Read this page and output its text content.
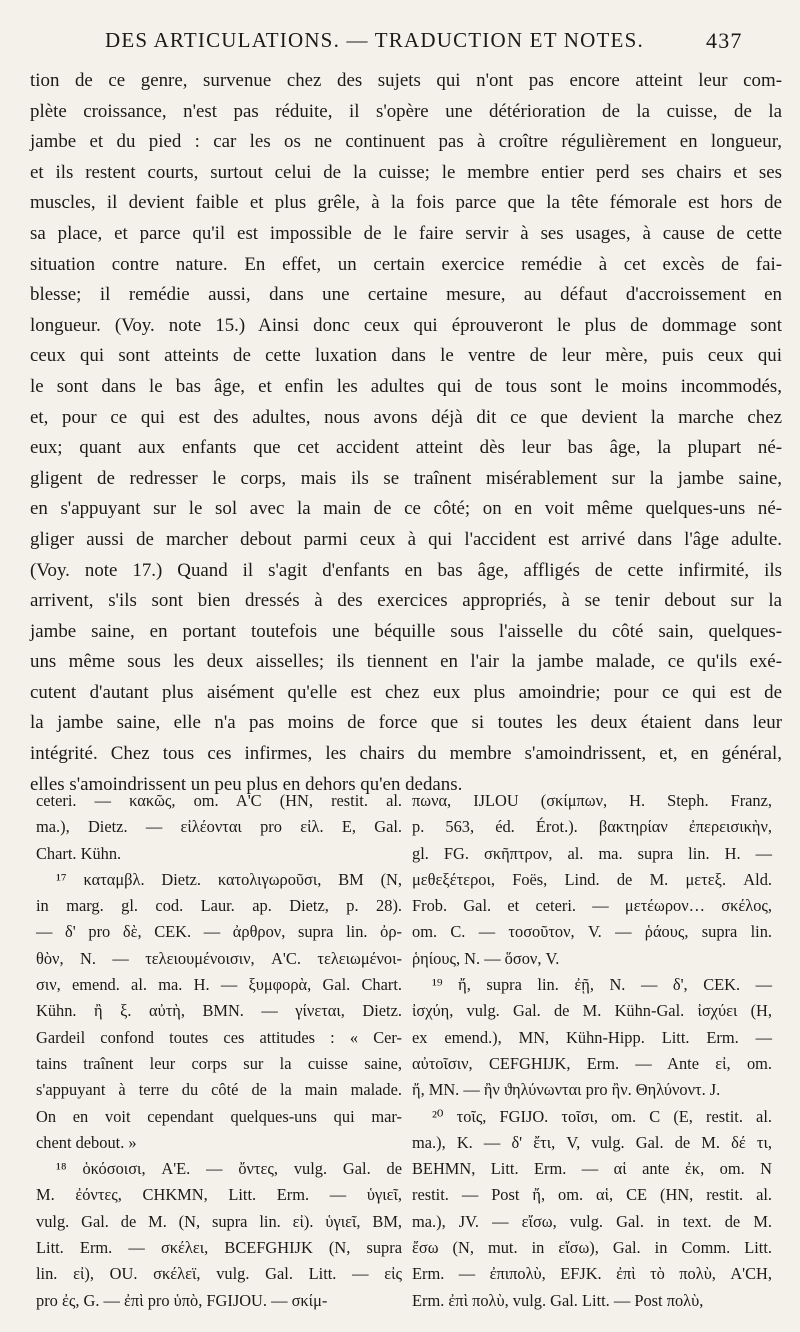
DES ARTICULATIONS. — TRADUCTION ET NOTES.	437
tion de ce genre, survenue chez des sujets qui n'ont pas encore atteint leur com-
plète croissance, n'est pas réduite, il s'opère une détérioration de la cuisse, de la
jambe et du pied : car les os ne continuent pas à croître régulièrement en longueur,
et ils restent courts, surtout celui de la cuisse; le membre entier perd ses chairs et ses
muscles, il devient faible et plus grêle, à la fois parce que la tête fémorale est hors de
sa place, et parce qu'il est impossible de le faire servir à ses usages, à cause de cette
situation contre nature. En effet, un certain exercice remédie à cet excès de fai-
blesse; il remédie aussi, dans une certaine mesure, au défaut d'accroissement en
longueur. (Voy. note 15.) Ainsi donc ceux qui éprouveront le plus de dommage sont
ceux qui sont atteints de cette luxation dans le ventre de leur mère, puis ceux qui
le sont dans le bas âge, et enfin les adultes qui de tous sont le moins incommodés,
et, pour ce qui est des adultes, nous avons déjà dit ce que devient la marche chez
eux; quant aux enfants que cet accident atteint dès leur bas âge, la plupart né-
gligent de redresser le corps, mais ils se traînent misérablement sur la jambe saine,
en s'appuyant sur le sol avec la main de ce côté; on en voit même quelques-uns né-
gliger aussi de marcher debout parmi ceux à qui l'accident est arrivé dans l'âge adulte.
(Voy. note 17.) Quand il s'agit d'enfants en bas âge, affligés de cette infirmité, ils
arrivent, s'ils sont bien dressés à des exercices appropriés, à se tenir debout sur la
jambe saine, en portant toutefois une béquille sous l'aisselle du côté sain, quelques-
uns même sous les deux aisselles; ils tiennent en l'air la jambe malade, ce qu'ils exé-
cutent d'autant plus aisément qu'elle est chez eux plus amoindrie; pour ce qui est de
la jambe saine, elle n'a pas moins de force que si toutes les deux étaient dans leur
intégrité. Chez tous ces infirmes, les chairs du membre s'amoindrissent, et, en général,
elles s'amoindrissent un peu plus en dehors qu'en dedans.
ceteri. — κακῶς, om. A'C (HN, restit. al.
ma.), Dietz. — εἰλέονται pro εἰλ. E, Gal.
Chart. Kühn.
¹⁷ καταμβλ. Dietz. κατολιγωροῦσι, BM (N,
in marg. gl. cod. Laur. ap. Dietz, p. 28).
— δ' pro δὲ, CEK. — ἀρθρον, supra lin. ὀρ-
θὸν, N. — τελειουμένοισιν, A'C. τελειωμένοι-
σιν, emend. al. ma. H. — ξυμφορὰ, Gal. Chart.
Kühn. ἢ ξ. αὐτὴ, BMN. — γίνεται, Dietz.
Gardeil confond toutes ces attitudes : « Cer-
tains traînent leur corps sur la cuisse saine,
s'appuyant à terre du côté de la main malade.
On en voit cependant quelques-uns qui mar-
chent debout. »
¹⁸ ὁκόσοισι, A'E. — ὄντες, vulg. Gal. de
M. ἐόντες, CHKMN, Litt. Erm. — ὑγιεῖ,
vulg. Gal. de M. (N, supra lin. εἰ). ὑγιεῖ, BM,
Litt. Erm. — σκέλει, BCEFGHIJK (N, supra
lin. εἰ), OU. σκέλεϊ, vulg. Gal. Litt. — εἰς
pro ἐς, G. — ἐπὶ pro ὑπὸ, FGIJOU. — σκίμ-
πωνα, IJLOU (σκίμπων, H. Steph. Franz,
p. 563, éd. Érot.). βακτηρίαν ἐπερεισικὴν,
gl. FG. σκῆπτρον, al. ma. supra lin. H. —
μεθεξέτεροι, Foës, Lind. de M. μετεξ. Ald.
Frob. Gal. et ceteri. — μετέωρον… σκέλος,
om. C. — τοσοῦτον, V. — ῥάους, supra lin.
ῥηίους, N. — ὅσον, V.
¹⁹ ἤ, supra lin. ἐῇ, N. — δ', CEK. —
ἰσχύη, vulg. Gal. de M. Kühn-Gal. ἰσχύει (H,
ex emend.), MN, Kühn-Hipp. Litt. Erm. —
αὐτοῖσιν, CEFGHIJK, Erm. — Ante εἰ, om.
ἤ, MN. — ἢν ϑηλύνωνται pro ἢν. Θηλύνοντ. J.
²⁰ τοῖς, FGIJO. τοῖσι, om. C (E, restit. al.
ma.), K. — δ' ἔτι, V, vulg. Gal. de M. δέ τι,
BEHMN, Litt. Erm. — αἱ ante ἐκ, om. N
restit. — Post ἤ, om. αἱ, CE (HN, restit. al.
ma.), JV. — εἴσω, vulg. Gal. in text. de M.
ἔσω (N, mut. in εἴσω), Gal. in Comm. Litt.
Erm. — ἐπιπολὺ, EFJK. ἐπὶ τὸ πολὺ, A'CH,
Erm. ἐπὶ πολὺ, vulg. Gal. Litt. — Post πολὺ,
